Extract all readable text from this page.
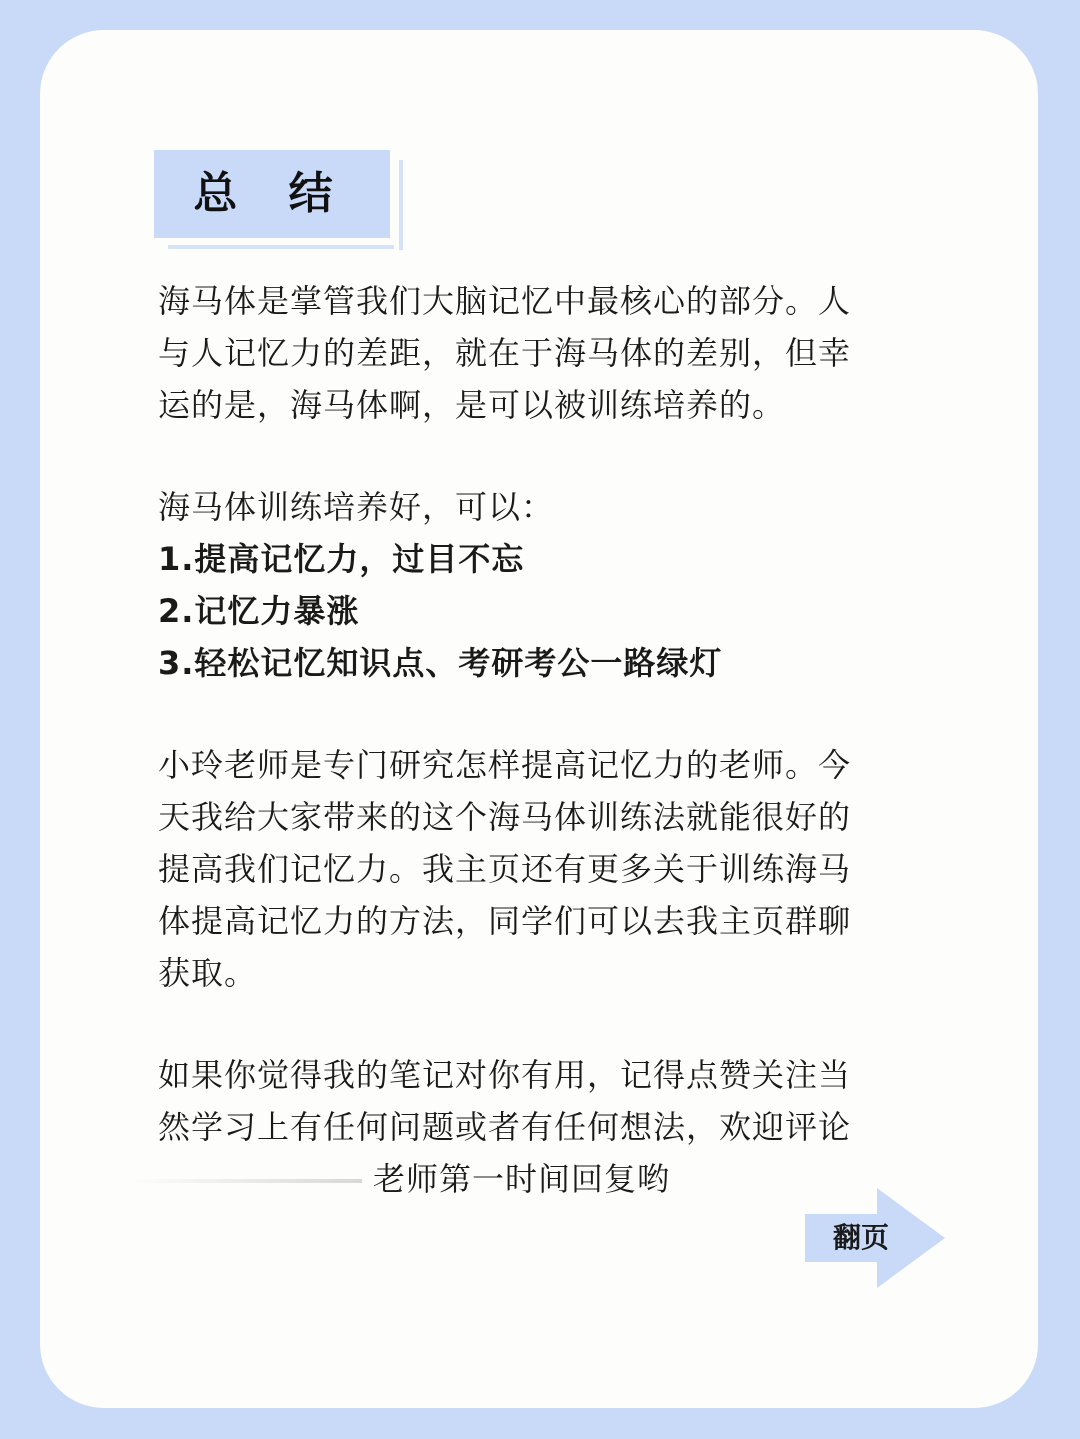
总 结

海马体是掌管我们大脑记忆中最核心的部分。人
与人记忆力的差距，就在于海马体的差别，但幸
运的是，海马体啊，是可以被训练培养的。

海马体训练培养好，可以：
1.提高记忆力，过目不忘
2.记忆力暴涨
3.轻松记忆知识点、考研考公一路绿灯

小玲老师是专门研究怎样提高记忆力的老师。今
天我给大家带来的这个海马体训练法就能很好的
提高我们记忆力。我主页还有更多关于训练海马
体提高记忆力的方法，同学们可以去我主页群聊
获取。

如果你觉得我的笔记对你有用，记得点赞关注当
然学习上有任何问题或者有任何想法，欢迎评论

老师第一时间回复哟

翻页
